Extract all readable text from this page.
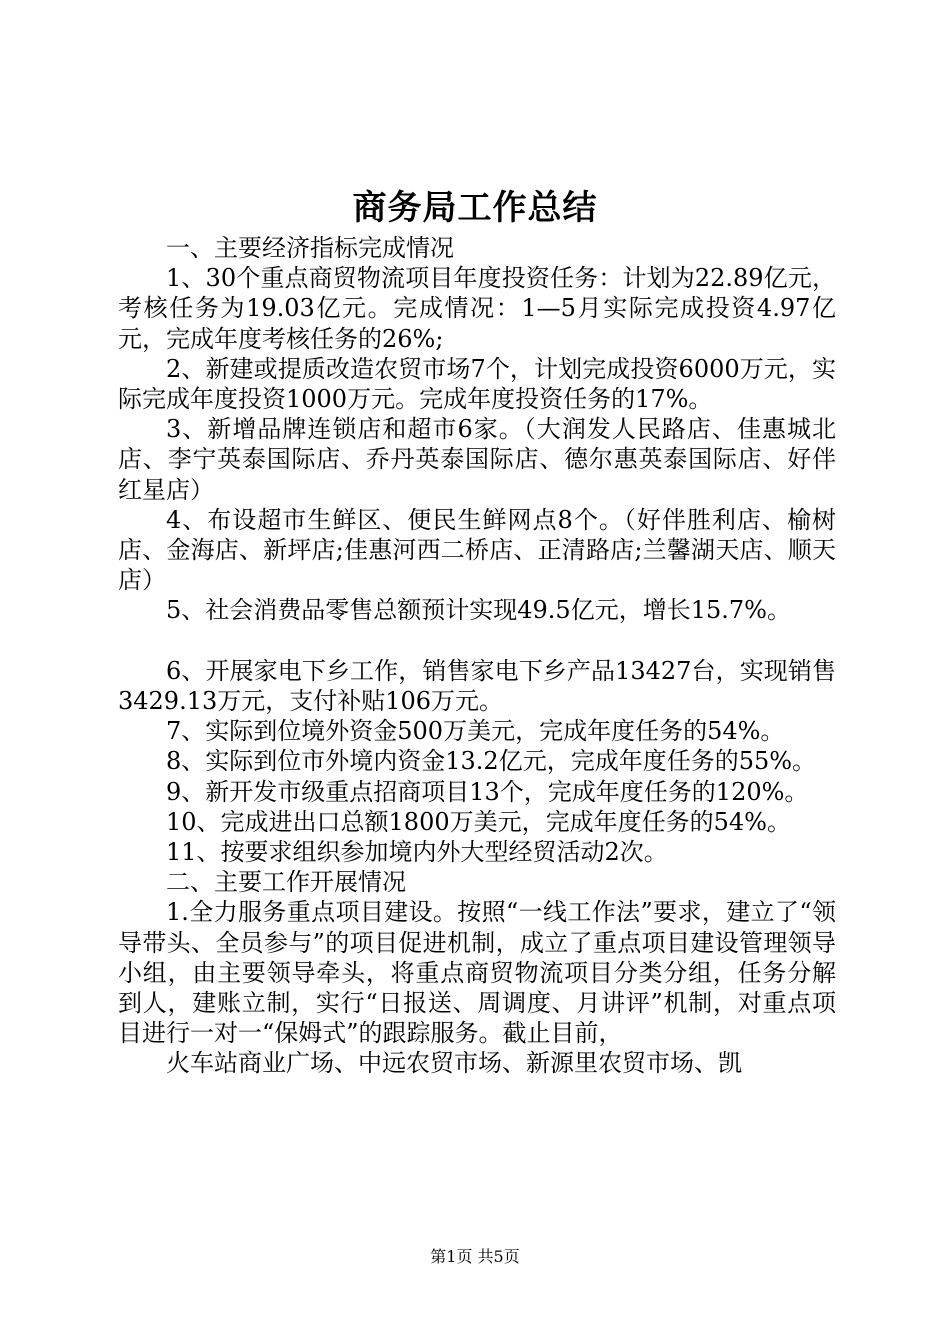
商务局工作总结

一、主要经济指标完成情况

1、30个重点商贸物流项目年度投资任务：计划为22.89亿元，考核任务为19.03亿元。完成情况：1—5月实际完成投资4.97亿元，完成年度考核任务的26%;

2、新建或提质改造农贸市场7个，计划完成投资6000万元，实际完成年度投资1000万元。完成年度投资任务的17%。

3、新增品牌连锁店和超市6家。（大润发人民路店、佳惠城北店、李宁英泰国际店、乔丹英泰国际店、德尔惠英泰国际店、好伴红星店）

4、布设超市生鲜区、便民生鲜网点8个。（好伴胜利店、榆树店、金海店、新坪店;佳惠河西二桥店、正清路店;兰馨湖天店、顺天店）

5、社会消费品零售总额预计实现49.5亿元，增长15.7%。

6、开展家电下乡工作，销售家电下乡产品13427台，实现销售3429.13万元，支付补贴106万元。

7、实际到位境外资金500万美元，完成年度任务的54%。

8、实际到位市外境内资金13.2亿元，完成年度任务的55%。

9、新开发市级重点招商项目13个，完成年度任务的120%。

10、完成进出口总额1800万美元，完成年度任务的54%。

11、按要求组织参加境内外大型经贸活动2次。

二、主要工作开展情况

1.全力服务重点项目建设。按照“一线工作法”要求，建立了“领导带头、全员参与”的项目促进机制，成立了重点项目建设管理领导小组，由主要领导牵头，将重点商贸物流项目分类分组，任务分解到人，建账立制，实行“日报送、周调度、月讲评”机制，对重点项目进行一对一“保姆式”的跟踪服务。截止目前，

火车站商业广场、中远农贸市场、新源里农贸市场、凯

第1页 共5页
